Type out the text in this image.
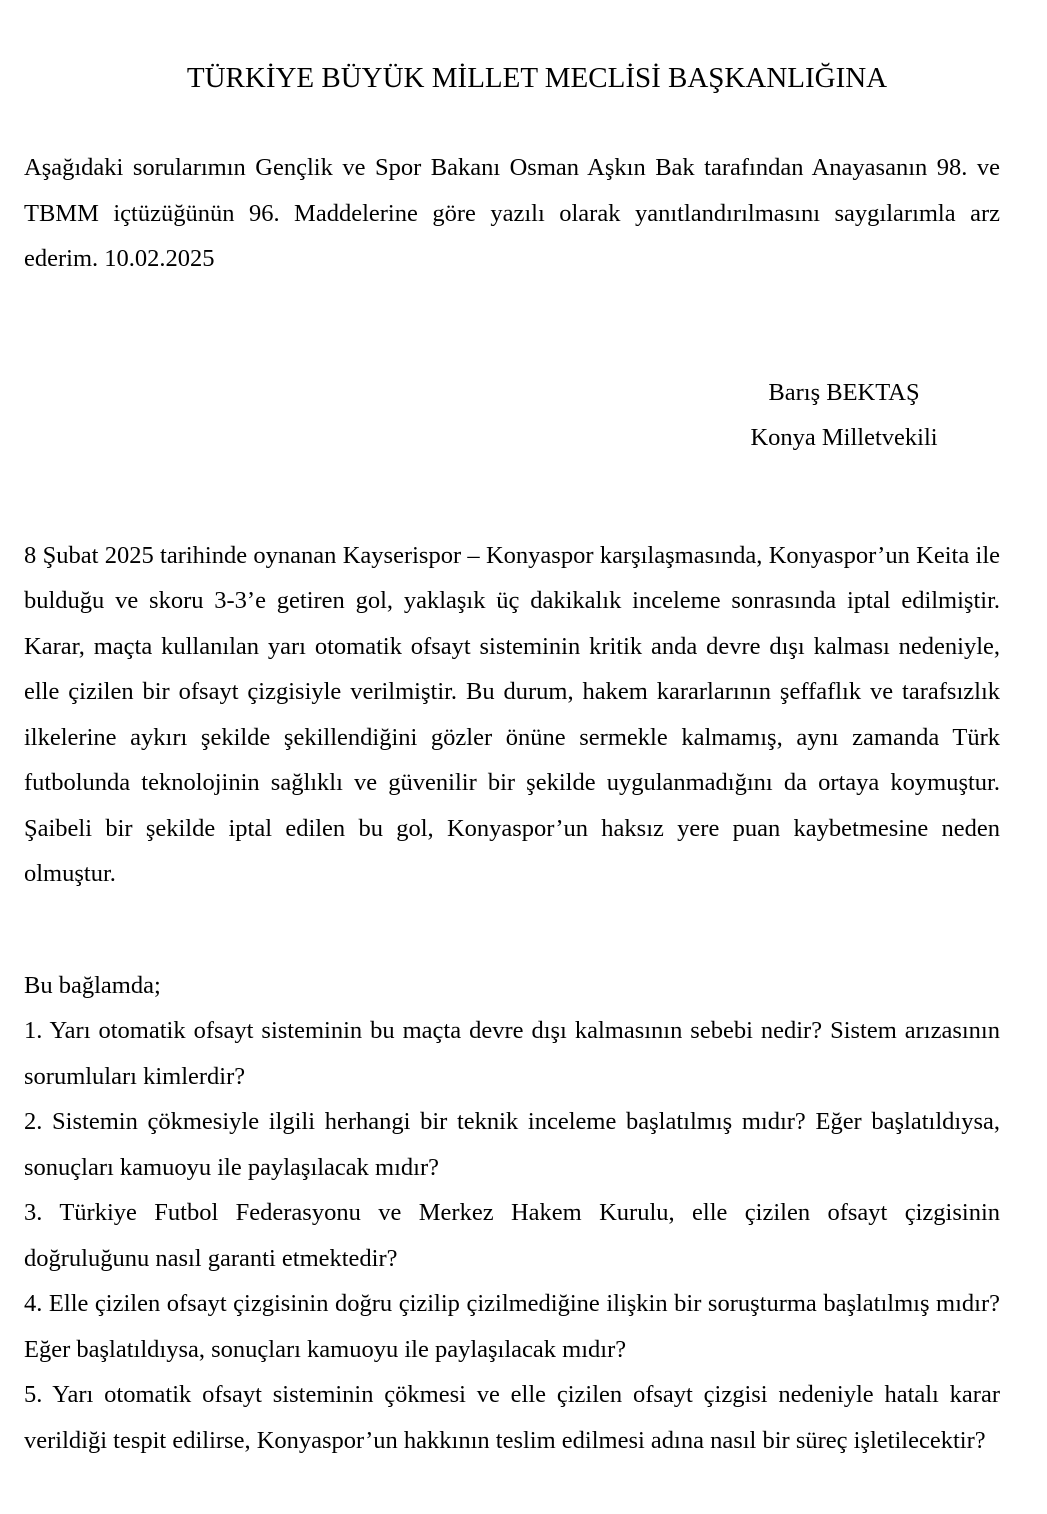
TÜRKİYE BÜYÜK MİLLET MECLİSİ BAŞKANLIĞINA

Aşağıdaki sorularımın Gençlik ve Spor Bakanı Osman Aşkın Bak tarafından Anayasanın 98. ve TBMM içtüzüğünün 96. Maddelerine göre yazılı olarak yanıtlandırılmasını saygılarımla arz ederim. 10.02.2025

Barış BEKTAŞ
Konya Milletvekili

8 Şubat 2025 tarihinde oynanan Kayserispor – Konyaspor karşılaşmasında, Konyaspor’un Keita ile bulduğu ve skoru 3-3’e getiren gol, yaklaşık üç dakikalık inceleme sonrasında iptal edilmiştir. Karar, maçta kullanılan yarı otomatik ofsayt sisteminin kritik anda devre dışı kalması nedeniyle, elle çizilen bir ofsayt çizgisiyle verilmiştir. Bu durum, hakem kararlarının şeffaflık ve tarafsızlık ilkelerine aykırı şekilde şekillendiğini gözler önüne sermekle kalmamış, aynı zamanda Türk futbolunda teknolojinin sağlıklı ve güvenilir bir şekilde uygulanmadığını da ortaya koymuştur. Şaibeli bir şekilde iptal edilen bu gol, Konyaspor’un haksız yere puan kaybetmesine neden olmuştur.

Bu bağlamda;

1. Yarı otomatik ofsayt sisteminin bu maçta devre dışı kalmasının sebebi nedir? Sistem arızasının sorumluları kimlerdir?

2. Sistemin çökmesiyle ilgili herhangi bir teknik inceleme başlatılmış mıdır? Eğer başlatıldıysa, sonuçları kamuoyu ile paylaşılacak mıdır?

3. Türkiye Futbol Federasyonu ve Merkez Hakem Kurulu, elle çizilen ofsayt çizgisinin doğruluğunu nasıl garanti etmektedir?

4. Elle çizilen ofsayt çizgisinin doğru çizilip çizilmediğine ilişkin bir soruşturma başlatılmış mıdır? Eğer başlatıldıysa, sonuçları kamuoyu ile paylaşılacak mıdır?

5. Yarı otomatik ofsayt sisteminin çökmesi ve elle çizilen ofsayt çizgisi nedeniyle hatalı karar verildiği tespit edilirse, Konyaspor’un hakkının teslim edilmesi adına nasıl bir süreç işletilecektir?
